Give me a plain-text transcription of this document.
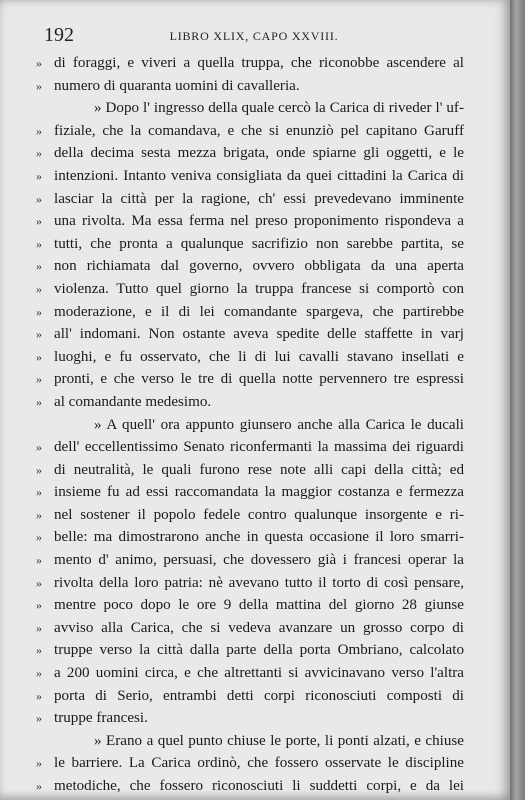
192	LIBRO XLIX, CAPO XXVIII.
» di foraggi, e viveri a quella truppa, che riconobbe ascendere al
» numero di quaranta uomini di cavalleria.
» Dopo l' ingresso della quale cercò la Carica di riveder l' uf-
» fiziale, che la comandava, e che si enunziò pel capitano Garuff
» della decima sesta mezza brigata, onde spiarne gli oggetti, e le
» intenzioni. Intanto veniva consigliata da quei cittadini la Carica di
» lasciar la città per la ragione, ch' essi prevedevano imminente
» una rivolta. Ma essa ferma nel preso proponimento rispondeva a
» tutti, che pronta a qualunque sacrifizio non sarebbe partita, se
» non richiamata dal governo, ovvero obbligata da una aperta
» violenza. Tutto quel giorno la truppa francese si comportò con
» moderazione, e il di lei comandante spargeva, che partirebbe
» all' indomani. Non ostante aveva spedite delle staffette in varj
» luoghi, e fu osservato, che li di lui cavalli stavano insellati e
» pronti, e che verso le tre di quella notte pervennero tre espressi
» al comandante medesimo.
» A quell' ora appunto giunsero anche alla Carica le ducali
» dell' eccellentissimo Senato riconfermanti la massima dei riguardi
» di neutralità, le quali furono rese note alli capi della città; ed
» insieme fu ad essi raccomandata la maggior costanza e fermezza
» nel sostener il popolo fedele contro qualunque insorgente e ri-
» belle: ma dimostrarono anche in questa occasione il loro smarri-
» mento d' animo, persuasi, che dovessero già i francesi operar la
» rivolta della loro patria: nè avevano tutto il torto di così pensare,
» mentre poco dopo le ore 9 della mattina del giorno 28 giunse
» avviso alla Carica, che si vedeva avanzare un grosso corpo di
» truppe verso la città dalla parte della porta Ombriano, calcolato
» a 200 uomini circa, e che altrettanti si avvicinavano verso l'altra
» porta di Serio, entrambi detti corpi riconosciuti composti di
» truppe francesi.
» Erano a quel punto chiuse le porte, li ponti alzati, e chiuse
» le barriere. La Carica ordinò, che fossero osservate le discipline
» metodiche, che fossero riconosciuti li suddetti corpi, e da lei
